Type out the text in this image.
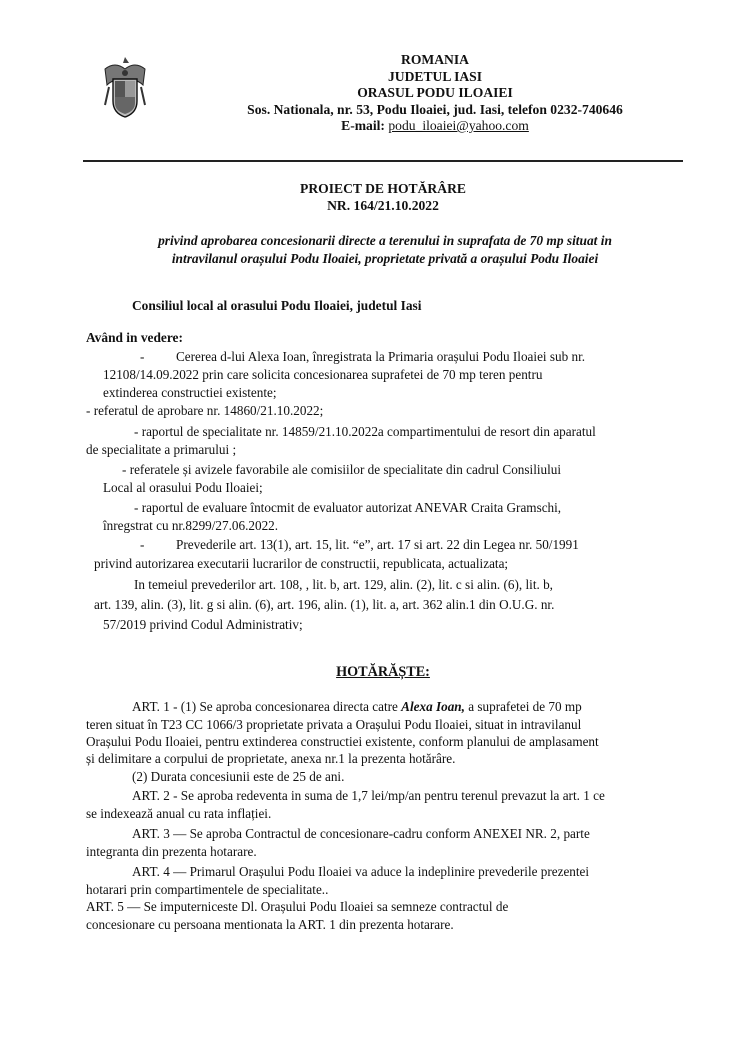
ROMANIA
JUDETUL IASI
ORASUL PODU ILOAIEI
Sos. Nationala, nr. 53, Podu Iloaiei, jud. Iasi, telefon 0232-740646
E-mail: podu_iloaiei@yahoo.com
PROIECT DE HOTĂRÂRE
NR. 164/21.10.2022
privind aprobarea concesionarii directe a terenului in suprafata de 70 mp situat in
intravilanul orașului Podu Iloaiei, proprietate privată a orașului Podu Iloaiei
Consiliul local al orasului Podu Iloaiei, judetul Iasi
Având in vedere:
- Cererea d-lui Alexa Ioan, înregistrata la Primaria orașului Podu Iloaiei sub nr.
12108/14.09.2022 prin care solicita concesionarea suprafetei de 70 mp teren pentru
extinderea constructiei existente;
- referatul de aprobare nr. 14860/21.10.2022;
- raportul de specialitate nr. 14859/21.10.2022a compartimentului de resort din aparatul
de specialitate a primarului ;
- referatele și avizele favorabile ale comisiilor de specialitate din cadrul Consiliului
Local al orasului Podu Iloaiei;
- raportul de evaluare întocmit de evaluator autorizat ANEVAR Craita Gramschi,
înregstrat cu nr.8299/27.06.2022.
- Prevederile art. 13(1), art. 15, lit. “e”, art. 17 si art. 22 din Legea nr. 50/1991
privind autorizarea executarii lucrarilor de constructii, republicata, actualizata;
In temeiul prevederilor art. 108, , lit. b, art. 129, alin. (2), lit. c si alin. (6), lit. b,
art. 139, alin. (3), lit. g si alin. (6), art. 196, alin. (1), lit. a, art. 362 alin.1 din O.U.G. nr.
57/2019 privind Codul Administrativ;
HOTĂRĂȘTE:
ART. 1 - (1) Se aproba concesionarea directa catre Alexa Ioan, a suprafetei de 70 mp
teren situat în T23 CC 1066/3 proprietate privata a Orașului Podu Iloaiei, situat in intravilanul
Orașului Podu Iloaiei, pentru extinderea constructiei existente, conform planului de amplasament
și delimitare a corpului de proprietate, anexa nr.1 la prezenta hotărâre.
(2) Durata concesiunii este de 25 de ani.
ART. 2 - Se aproba redeventa in suma de 1,7 lei/mp/an pentru terenul prevazut la art. 1 ce
se indexează anual cu rata inflației.
ART. 3 — Se aproba Contractul de concesionare-cadru conform ANEXEI NR. 2, parte
integranta din prezenta hotarare.
ART. 4 — Primarul Orașului Podu Iloaiei va aduce la indeplinire prevederile prezentei
hotarari prin compartimentele de specialitate..
ART. 5 — Se imputerniceste Dl. Orașului Podu Iloaiei sa semneze contractul de
concesionare cu persoana mentionata la ART. 1 din prezenta hotarare.
